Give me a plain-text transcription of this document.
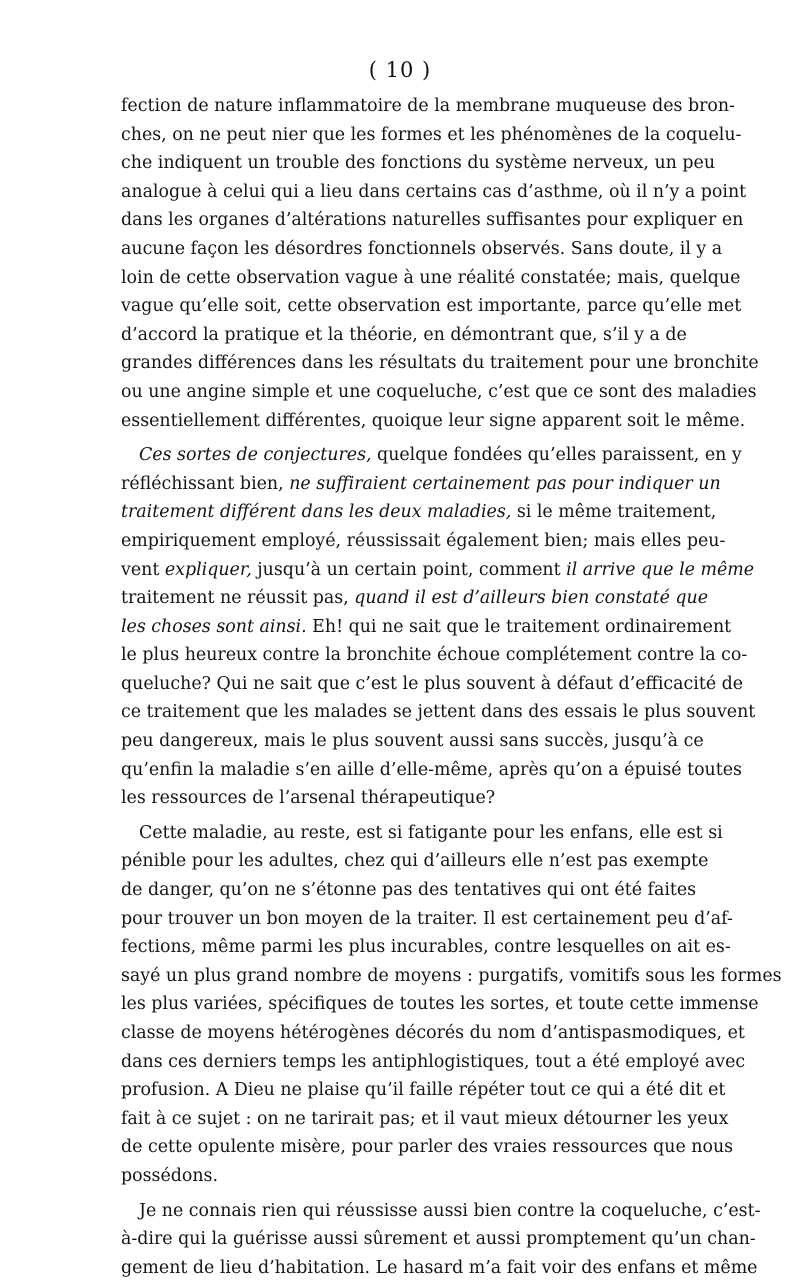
( 10 )
fection de nature inflammatoire de la membrane muqueuse des bron-
ches, on ne peut nier que les formes et les phénomènes de la coquelu-
che indiquent un trouble des fonctions du système nerveux, un peu
analogue à celui qui a lieu dans certains cas d’asthme, où il n’y a point
dans les organes d’altérations naturelles suffisantes pour expliquer en
aucune façon les désordres fonctionnels observés. Sans doute, il y a
loin de cette observation vague à une réalité constatée; mais, quelque
vague qu’elle soit, cette observation est importante, parce qu’elle met
d’accord la pratique et la théorie, en démontrant que, s’il y a de
grandes différences dans les résultats du traitement pour une bronchite
ou une angine simple et une coqueluche, c’est que ce sont des maladies
essentiellement différentes, quoique leur signe apparent soit le même.
Ces sortes de conjectures, quelque fondées qu’elles paraissent, en y
réfléchissant bien, ne suffiraient certainement pas pour indiquer un
traitement différent dans les deux maladies, si le même traitement,
empiriquement employé, réussissait également bien; mais elles peu-
vent expliquer, jusqu’à un certain point, comment il arrive que le même
traitement ne réussit pas, quand il est d’ailleurs bien constaté que
les choses sont ainsi. Eh! qui ne sait que le traitement ordinairement
le plus heureux contre la bronchite échoue complétement contre la co-
queluche? Qui ne sait que c’est le plus souvent à défaut d’efficacité de
ce traitement que les malades se jettent dans des essais le plus souvent
peu dangereux, mais le plus souvent aussi sans succès, jusqu’à ce
qu’enfin la maladie s’en aille d’elle-même, après qu’on a épuisé toutes
les ressources de l’arsenal thérapeutique?
Cette maladie, au reste, est si fatigante pour les enfans, elle est si
pénible pour les adultes, chez qui d’ailleurs elle n’est pas exempte
de danger, qu’on ne s’étonne pas des tentatives qui ont été faites
pour trouver un bon moyen de la traiter. Il est certainement peu d’af-
fections, même parmi les plus incurables, contre lesquelles on ait es-
sayé un plus grand nombre de moyens : purgatifs, vomitifs sous les formes
les plus variées, spécifiques de toutes les sortes, et toute cette immense
classe de moyens hétérogènes décorés du nom d’antispasmodiques, et
dans ces derniers temps les antiphlogistiques, tout a été employé avec
profusion. A Dieu ne plaise qu’il faille répéter tout ce qui a été dit et
fait à ce sujet : on ne tarirait pas; et il vaut mieux détourner les yeux
de cette opulente misère, pour parler des vraies ressources que nous
possédons.
Je ne connais rien qui réussisse aussi bien contre la coqueluche, c’est-
à-dire qui la guérisse aussi sûrement et aussi promptement qu’un chan-
gement de lieu d’habitation. Le hasard m’a fait voir des enfans et même
